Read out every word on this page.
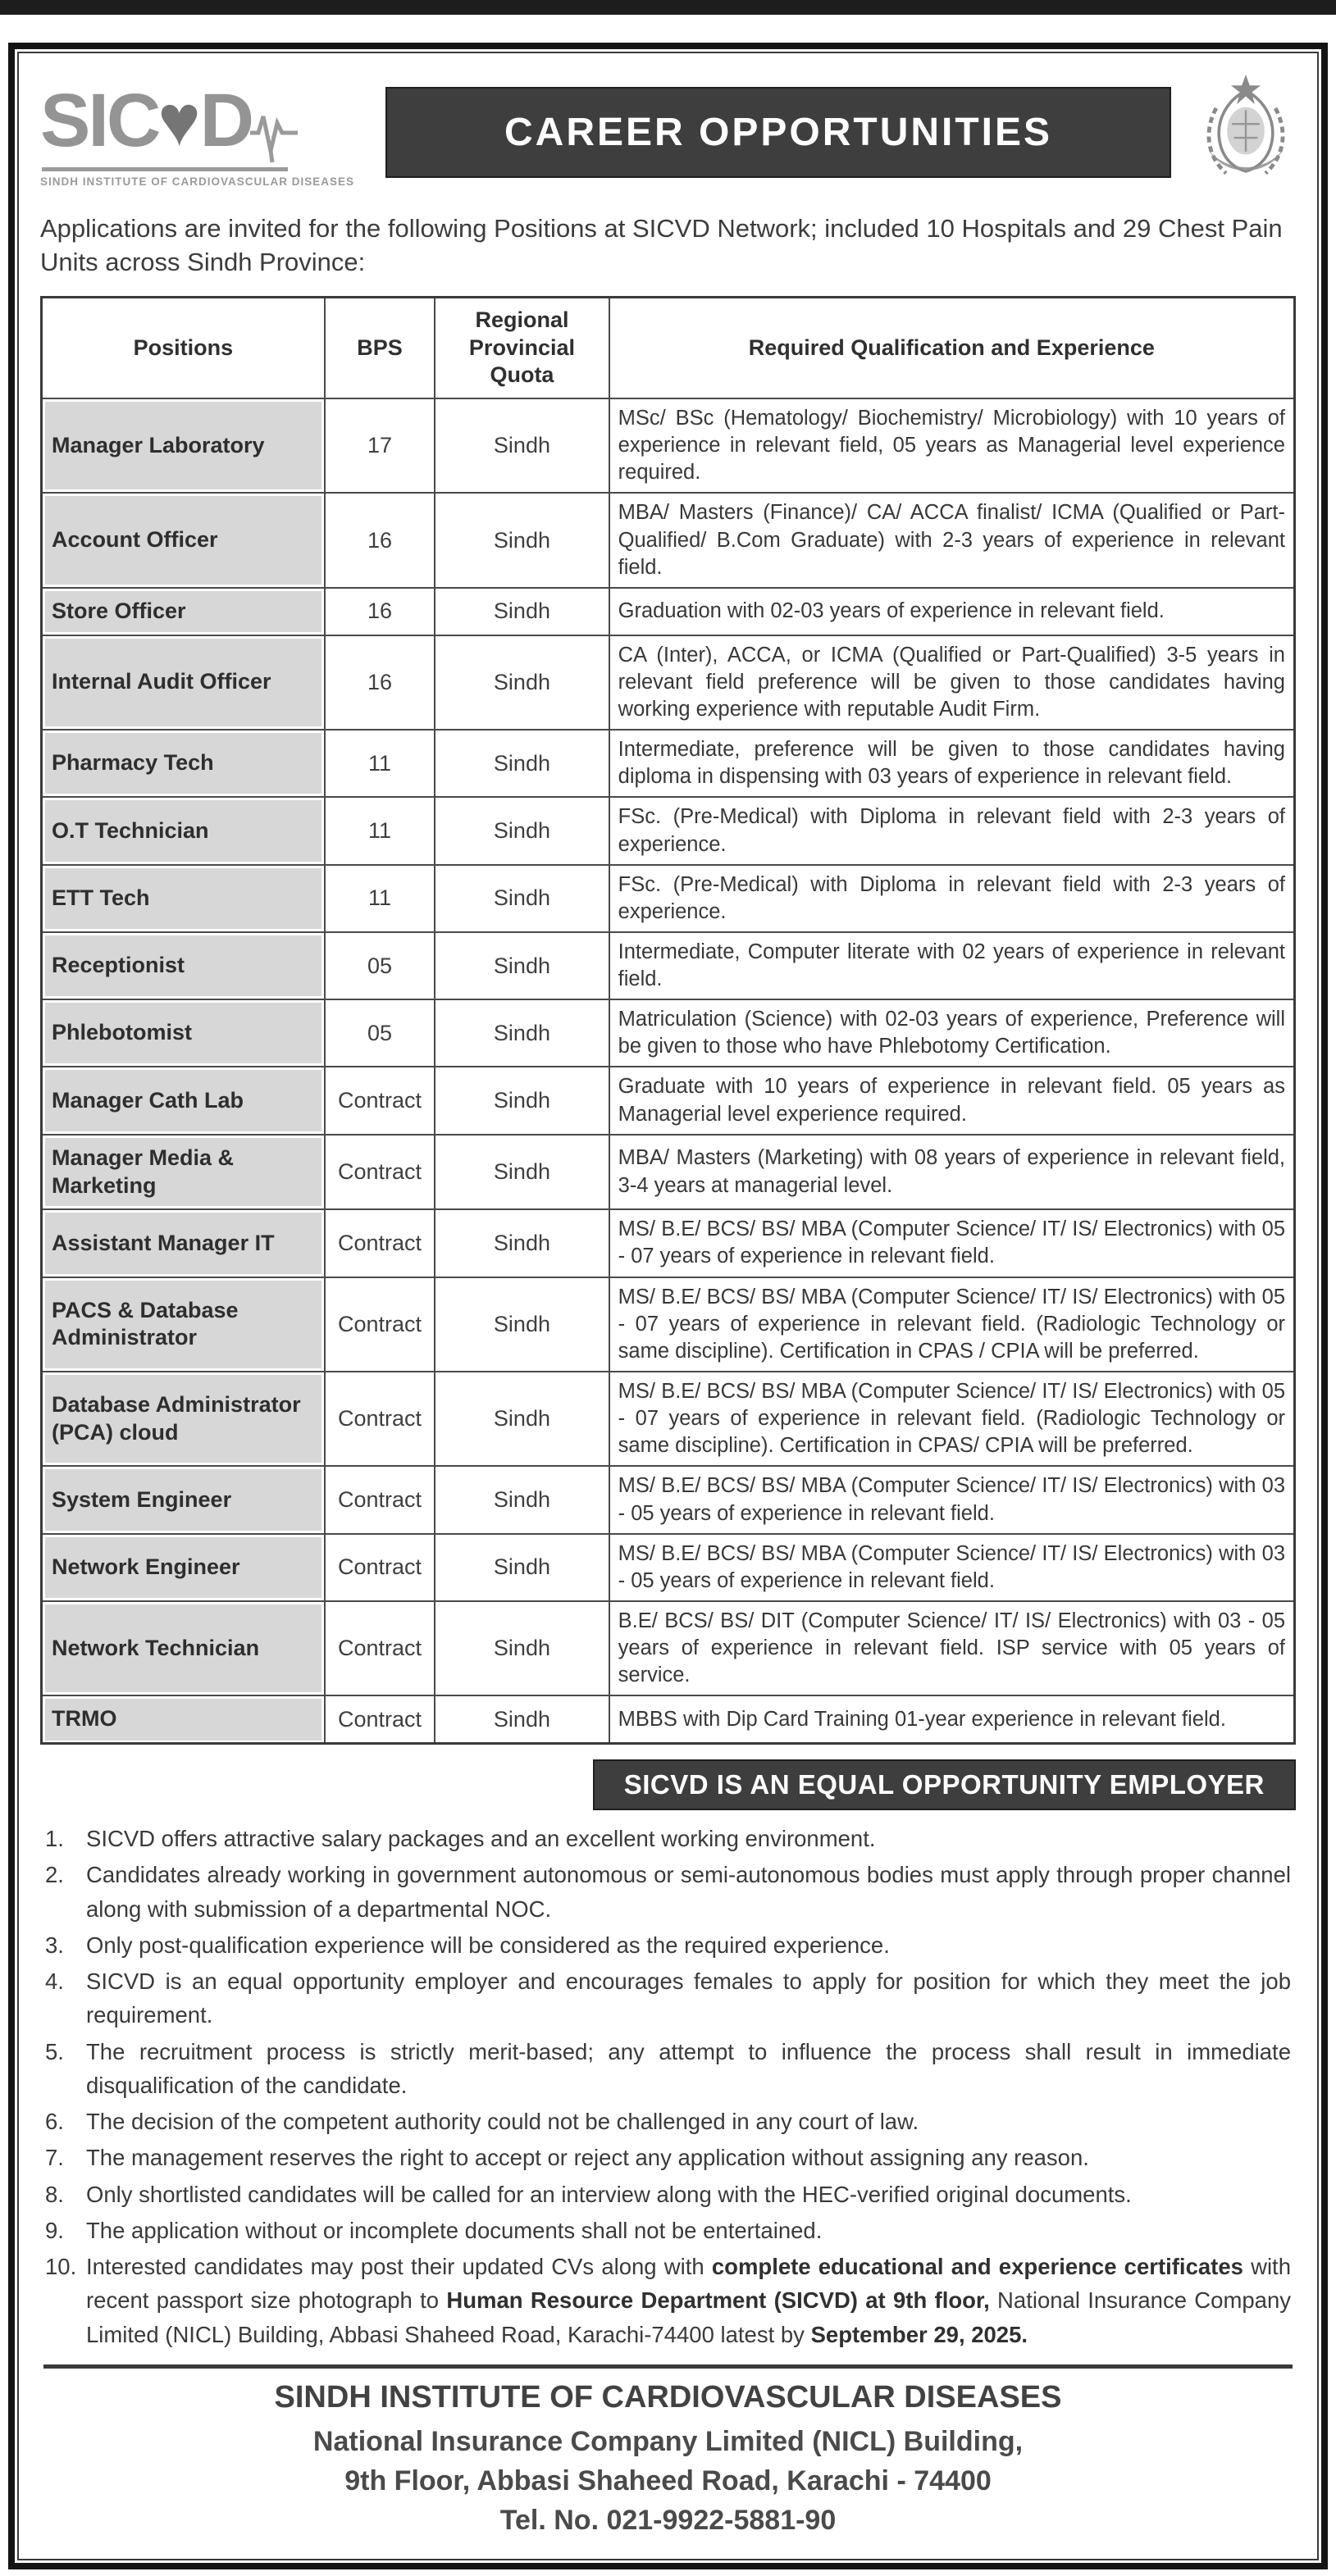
SIC ♥ D
SINDH INSTITUTE OF CARDIOVASCULAR DISEASES
CAREER OPPORTUNITIES

Applications are invited for the following Positions at SICVD Network; included 10 Hospitals and 29 Chest Pain Units across Sindh Province:

Positions	BPS	Regional Provincial Quota	Required Qualification and Experience

Manager Laboratory	17	Sindh	MSc/ BSc (Hematology/ Biochemistry/ Microbiology) with 10 years of experience in relevant field, 05 years as Managerial level experience required.

Account Officer	16	Sindh	MBA/ Masters (Finance)/ CA/ ACCA finalist/ ICMA (Qualified or Part-Qualified/ B.Com Graduate) with 2-3 years of experience in relevant field.

Store Officer	16	Sindh	Graduation with 02-03 years of experience in relevant field.

Internal Audit Officer	16	Sindh	CA (Inter), ACCA, or ICMA (Qualified or Part-Qualified) 3-5 years in relevant field preference will be given to those candidates having working experience with reputable Audit Firm.

Pharmacy Tech	11	Sindh	Intermediate, preference will be given to those candidates having diploma in dispensing with 03 years of experience in relevant field.

O.T Technician	11	Sindh	FSc. (Pre-Medical) with Diploma in relevant field with 2-3 years of experience.

ETT Tech	11	Sindh	FSc. (Pre-Medical) with Diploma in relevant field with 2-3 years of experience.

Receptionist	05	Sindh	Intermediate, Computer literate with 02 years of experience in relevant field.

Phlebotomist	05	Sindh	Matriculation (Science) with 02-03 years of experience, Preference will be given to those who have Phlebotomy Certification.

Manager Cath Lab	Contract	Sindh	Graduate with 10 years of experience in relevant field. 05 years as Managerial level experience required.

Manager Media & Marketing	Contract	Sindh	MBA/ Masters (Marketing) with 08 years of experience in relevant field, 3-4 years at managerial level.

Assistant Manager IT	Contract	Sindh	MS/ B.E/ BCS/ BS/ MBA (Computer Science/ IT/ IS/ Electronics) with 05 - 07 years of experience in relevant field.

PACS & Database Administrator	Contract	Sindh	MS/ B.E/ BCS/ BS/ MBA (Computer Science/ IT/ IS/ Electronics) with 05 - 07 years of experience in relevant field. (Radiologic Technology or same discipline). Certification in CPAS / CPIA will be preferred.

Database Administrator (PCA) cloud	Contract	Sindh	MS/ B.E/ BCS/ BS/ MBA (Computer Science/ IT/ IS/ Electronics) with 05 - 07 years of experience in relevant field. (Radiologic Technology or same discipline). Certification in CPAS/ CPIA will be preferred.

System Engineer	Contract	Sindh	MS/ B.E/ BCS/ BS/ MBA (Computer Science/ IT/ IS/ Electronics) with 03 - 05 years of experience in relevant field.

Network Engineer	Contract	Sindh	MS/ B.E/ BCS/ BS/ MBA (Computer Science/ IT/ IS/ Electronics) with 03 - 05 years of experience in relevant field.

Network Technician	Contract	Sindh	B.E/ BCS/ BS/ DIT (Computer Science/ IT/ IS/ Electronics) with 03 - 05 years of experience in relevant field. ISP service with 05 years of service.

TRMO	Contract	Sindh	MBBS with Dip Card Training 01-year experience in relevant field.
SICVD IS AN EQUAL OPPORTUNITY EMPLOYER
1. SICVD offers attractive salary packages and an excellent working environment.
2. Candidates already working in government autonomous or semi-autonomous bodies must apply through proper channel along with submission of a departmental NOC.
3. Only post-qualification experience will be considered as the required experience.
4. SICVD is an equal opportunity employer and encourages females to apply for position for which they meet the job requirement.
5. The recruitment process is strictly merit-based; any attempt to influence the process shall result in immediate disqualification of the candidate.
6. The decision of the competent authority could not be challenged in any court of law.
7. The management reserves the right to accept or reject any application without assigning any reason.
8. Only shortlisted candidates will be called for an interview along with the HEC-verified original documents.
9. The application without or incomplete documents shall not be entertained.
10. Interested candidates may post their updated CVs along with complete educational and experience certificates with recent passport size photograph to Human Resource Department (SICVD) at 9th floor, National Insurance Company Limited (NICL) Building, Abbasi Shaheed Road, Karachi-74400 latest by September 29, 2025.
SINDH INSTITUTE OF CARDIOVASCULAR DISEASES
National Insurance Company Limited (NICL) Building,
9th Floor, Abbasi Shaheed Road, Karachi - 74400
Tel. No. 021-9922-5881-90
